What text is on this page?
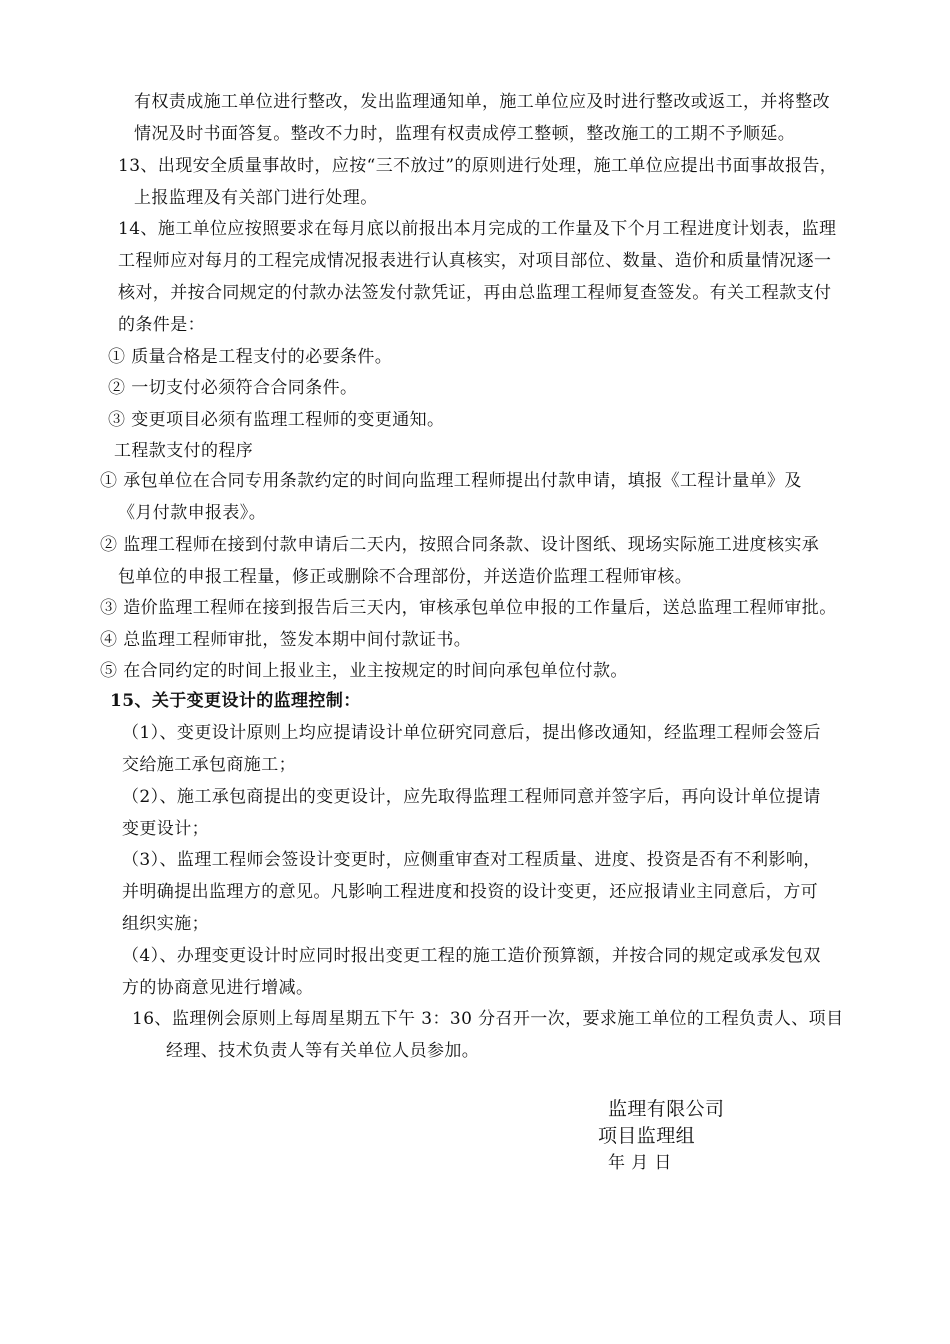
有权责成施工单位进行整改，发出监理通知单，施工单位应及时进行整改或返工，并将整改

情况及时书面答复。整改不力时，监理有权责成停工整顿，整改施工的工期不予顺延。

13、出现安全质量事故时，应按“三不放过”的原则进行处理，施工单位应提出书面事故报告，

上报监理及有关部门进行处理。

14、施工单位应按照要求在每月底以前报出本月完成的工作量及下个月工程进度计划表，监理

工程师应对每月的工程完成情况报表进行认真核实，对项目部位、数量、造价和质量情况逐一

核对，并按合同规定的付款办法签发付款凭证，再由总监理工程师复查签发。有关工程款支付

的条件是：

① 质量合格是工程支付的必要条件。

② 一切支付必须符合合同条件。

③ 变更项目必须有监理工程师的变更通知。

工程款支付的程序

① 承包单位在合同专用条款约定的时间向监理工程师提出付款申请，填报《工程计量单》及

《月付款申报表》。

② 监理工程师在接到付款申请后二天内，按照合同条款、设计图纸、现场实际施工进度核实承

包单位的申报工程量，修正或删除不合理部份，并送造价监理工程师审核。

③ 造价监理工程师在接到报告后三天内，审核承包单位申报的工作量后，送总监理工程师审批。

④ 总监理工程师审批，签发本期中间付款证书。

⑤ 在合同约定的时间上报业主，业主按规定的时间向承包单位付款。

15、关于变更设计的监理控制：

（1）、变更设计原则上均应提请设计单位研究同意后，提出修改通知，经监理工程师会签后

交给施工承包商施工；

（2）、施工承包商提出的变更设计，应先取得监理工程师同意并签字后，再向设计单位提请

变更设计；

（3）、监理工程师会签设计变更时，应侧重审查对工程质量、进度、投资是否有不利影响，

并明确提出监理方的意见。凡影响工程进度和投资的设计变更，还应报请业主同意后，方可

组织实施；

（4）、办理变更设计时应同时报出变更工程的施工造价预算额，并按合同的规定或承发包双

方的协商意见进行增减。

16、监理例会原则上每周星期五下午 3：30 分召开一次，要求施工单位的工程负责人、项目

经理、技术负责人等有关单位人员参加。

监理有限公司

项目监理组

年 月 日
